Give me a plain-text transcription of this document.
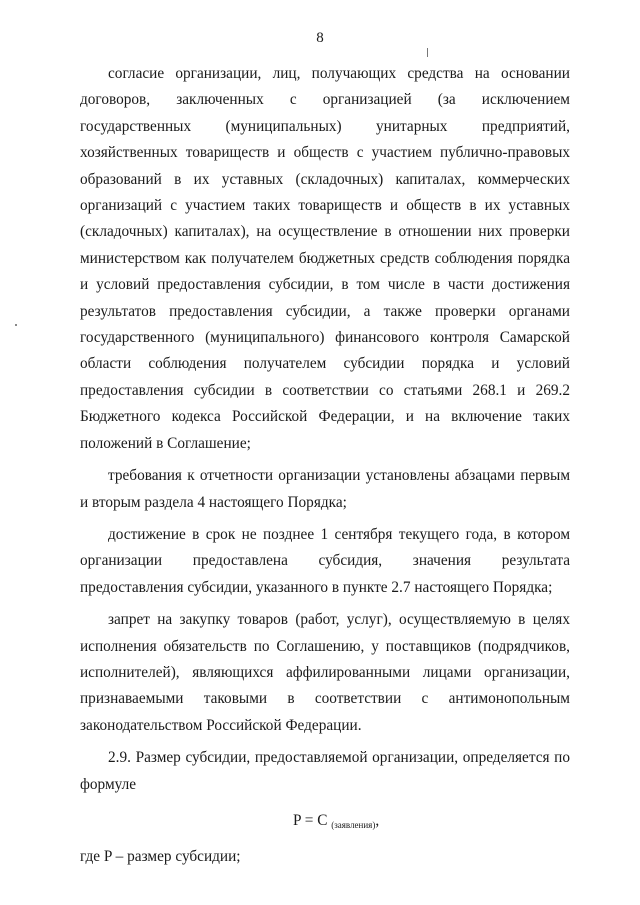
8

согласие организации, лиц, получающих средства на основании договоров, заключенных с организацией (за исключением государственных (муниципальных) унитарных предприятий, хозяйственных товариществ и обществ с участием публично-правовых образований в их уставных (складочных) капиталах, коммерческих организаций с участием таких товариществ и обществ в их уставных (складочных) капиталах), на осуществление в отношении них проверки министерством как получателем бюджетных средств соблюдения порядка и условий предоставления субсидии, в том числе в части достижения результатов предоставления субсидии, а также проверки органами государственного (муниципального) финансового контроля Самарской области соблюдения получателем субсидии порядка и условий предоставления субсидии в соответствии со статьями 268.1 и 269.2 Бюджетного кодекса Российской Федерации, и на включение таких положений в Соглашение;

требования к отчетности организации установлены абзацами первым и вторым раздела 4 настоящего Порядка;

достижение в срок не позднее 1 сентября текущего года, в котором организации предоставлена субсидия, значения результата предоставления субсидии, указанного в пункте 2.7 настоящего Порядка;

запрет на закупку товаров (работ, услуг), осуществляемую в целях исполнения обязательств по Соглашению, у поставщиков (подрядчиков, исполнителей), являющихся аффилированными лицами организации, признаваемыми таковыми в соответствии с антимонопольным законодательством Российской Федерации.

2.9. Размер субсидии, предоставляемой организации, определяется по формуле

P = C $_{(заявления)}$,

где P – размер субсидии;
